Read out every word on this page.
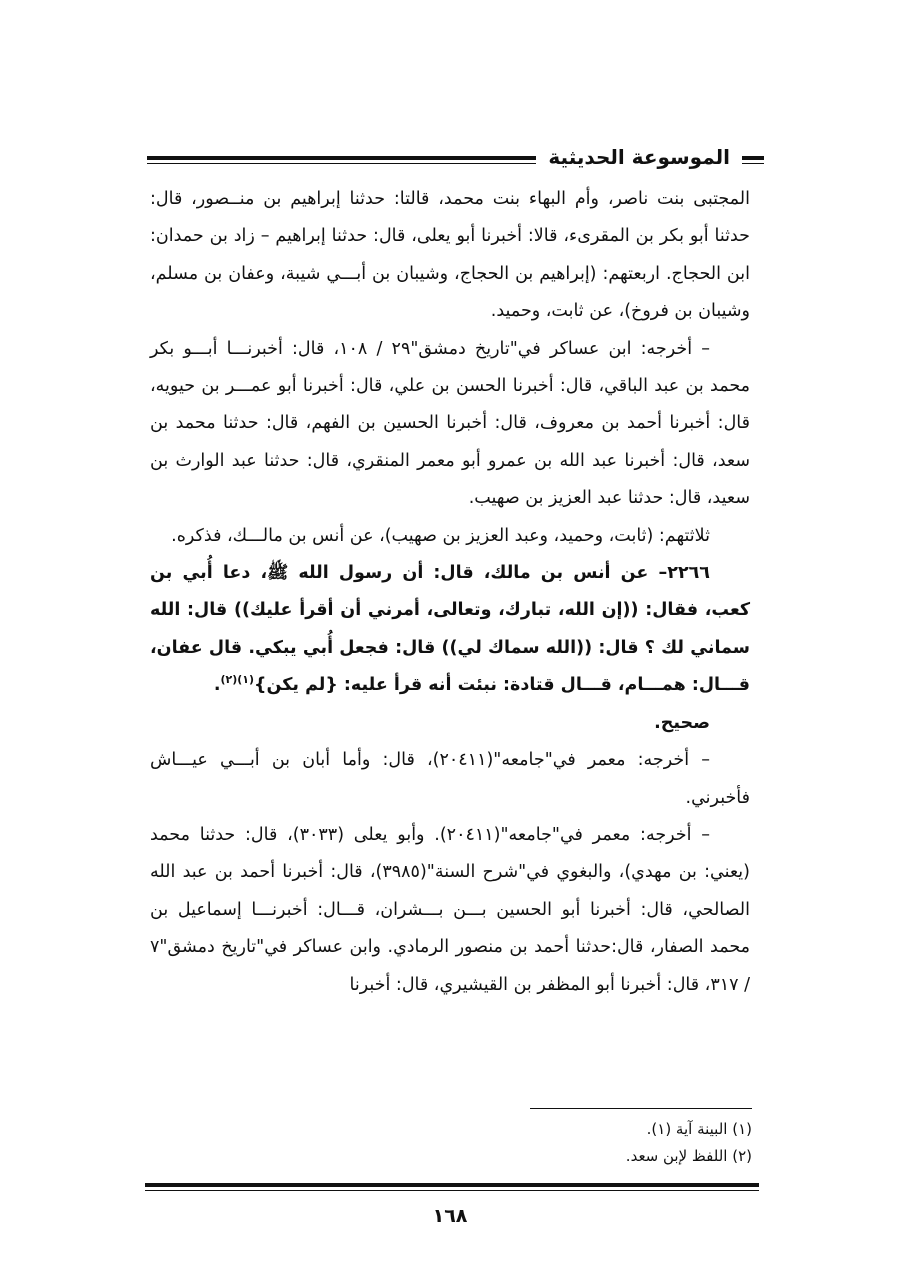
الموسوعة الحديثية

المجتبى بنت ناصر، وأم البهاء بنت محمد، قالتا: حدثنا إبراهيم بن منــصور، قال: حدثنا أبو بكر بن المقرىء، قالا: أخبرنا أبو يعلى، قال: حدثنا إبراهيم – زاد بن حمدان: ابن الحجاج. اربعتهم: (إبراهيم بن الحجاج، وشيبان بن أبـــي شيبة، وعفان بن مسلم، وشيبان بن فروخ)، عن ثابت، وحميد.

– أخرجه: ابن عساكر في"تاريخ دمشق"٢٩ / ١٠٨، قال: أخبرنـــا أبـــو بكر محمد بن عبد الباقي، قال: أخبرنا الحسن بن علي، قال: أخبرنا أبو عمـــر بن حيويه، قال: أخبرنا أحمد بن معروف، قال: أخبرنا الحسين بن الفهم، قال: حدثنا محمد بن سعد، قال: أخبرنا عبد الله بن عمرو أبو معمر المنقري، قال: حدثنا عبد الوارث بن سعيد، قال: حدثنا عبد العزيز بن صهيب.

ثلاثتهم: (ثابت، وحميد، وعبد العزيز بن صهيب)، عن أنس بن مالـــك، فذكره.

٢٢٦٦– عن أنس بن مالك، قال: أن رسول الله ﷺ، دعا أُبي بن كعب، فقال: ((إن الله، تبارك، وتعالى، أمرني أن أقرأ عليك)) قال: الله سماني لك ؟ قال: ((الله سماك لي)) قال: فجعل أُبي يبكي. قال عفان، قـــال: همـــام، قـــال قتادة: نبئت أنه قرأ عليه: {لم يكن}$^{(١)(٢)}$.

صحيح.

– أخرجه: معمر في"جامعه"(٢٠٤١١)، قال: وأما أبان بن أبـــي عيـــاش فأخبرني.

– أخرجه: معمر في"جامعه"(٢٠٤١١). وأبو يعلى (٣٠٣٣)، قال: حدثنا محمد (يعني: بن مهدي)، والبغوي في"شرح السنة"(٣٩٨٥)، قال: أخبرنا أحمد بن عبد الله الصالحي، قال: أخبرنا أبو الحسين بـــن بـــشران، قـــال: أخبرنـــا إسماعيل بن محمد الصفار، قال:حدثنا أحمد بن منصور الرمادي. وابن عساكر في"تاريخ دمشق"٧ / ٣١٧، قال: أخبرنا أبو المظفر بن القيشيري، قال: أخبرنا

(١) البينة آية (١).
(٢) اللفظ لإبن سعد.
١٦٨
